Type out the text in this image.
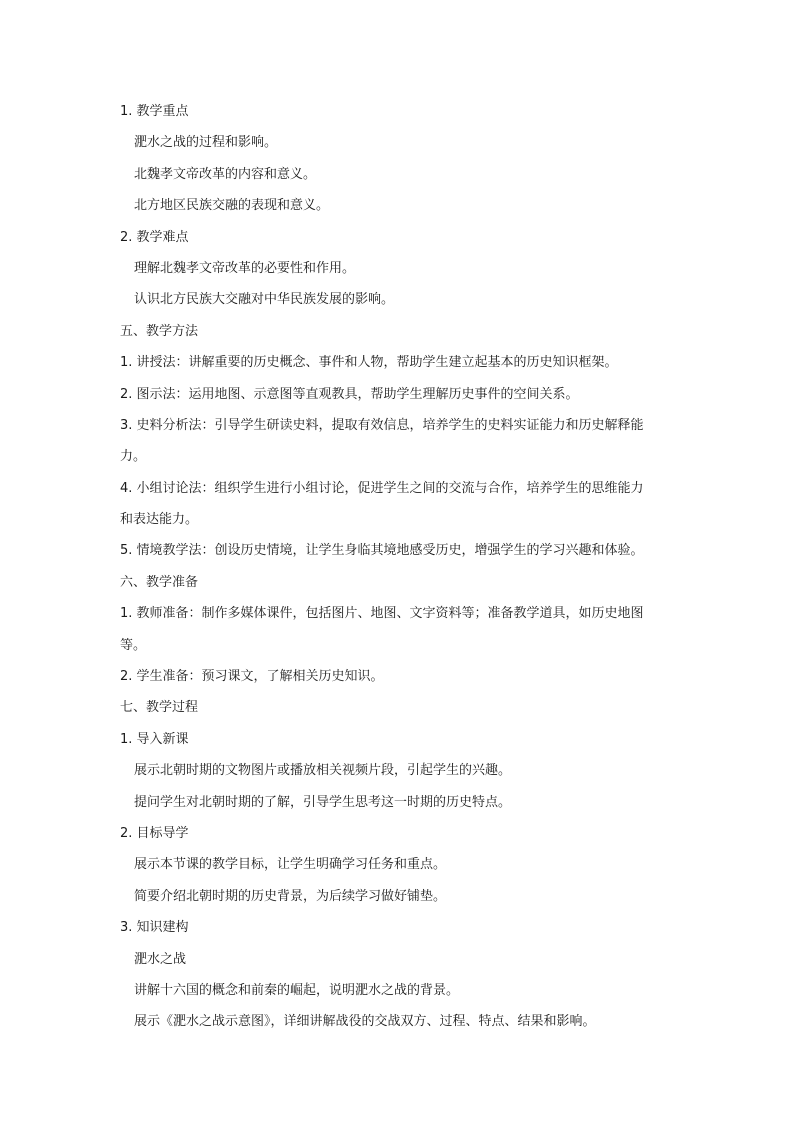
1. 教学重点
淝水之战的过程和影响。
北魏孝文帝改革的内容和意义。
北方地区民族交融的表现和意义。
2. 教学难点
理解北魏孝文帝改革的必要性和作用。
认识北方民族大交融对中华民族发展的影响。
五、教学方法
1. 讲授法：讲解重要的历史概念、事件和人物，帮助学生建立起基本的历史知识框架。
2. 图示法：运用地图、示意图等直观教具，帮助学生理解历史事件的空间关系。
3. 史料分析法：引导学生研读史料，提取有效信息，培养学生的史料实证能力和历史解释能
力。
4. 小组讨论法：组织学生进行小组讨论，促进学生之间的交流与合作，培养学生的思维能力
和表达能力。
5. 情境教学法：创设历史情境，让学生身临其境地感受历史，增强学生的学习兴趣和体验。
六、教学准备
1. 教师准备：制作多媒体课件，包括图片、地图、文字资料等；准备教学道具，如历史地图
等。
2. 学生准备：预习课文，了解相关历史知识。
七、教学过程
1. 导入新课
展示北朝时期的文物图片或播放相关视频片段，引起学生的兴趣。
提问学生对北朝时期的了解，引导学生思考这一时期的历史特点。
2. 目标导学
展示本节课的教学目标，让学生明确学习任务和重点。
简要介绍北朝时期的历史背景，为后续学习做好铺垫。
3. 知识建构
淝水之战
讲解十六国的概念和前秦的崛起，说明淝水之战的背景。
展示《淝水之战示意图》，详细讲解战役的交战双方、过程、特点、结果和影响。
